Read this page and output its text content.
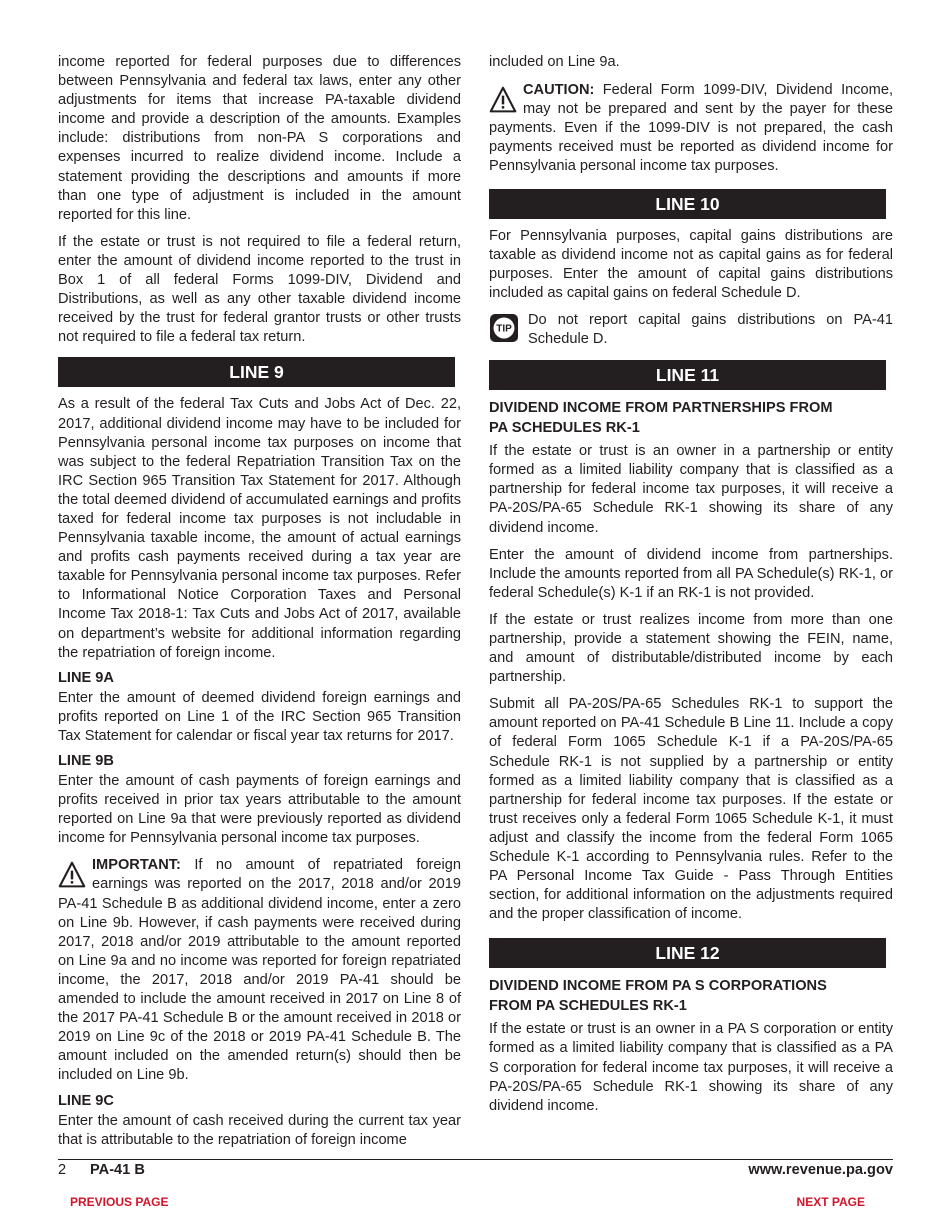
income reported for federal purposes due to differences between Pennsylvania and federal tax laws, enter any other adjustments for items that increase PA-taxable dividend income and provide a description of the amounts. Examples include: distributions from non-PA S corporations and expenses incurred to realize dividend income. Include a statement providing the descriptions and amounts if more than one type of adjustment is included in the amount reported for this line.

If the estate or trust is not required to file a federal return, enter the amount of dividend income reported to the trust in Box 1 of all federal Forms 1099-DIV, Dividend and Distributions, as well as any other taxable dividend income received by the trust for federal grantor trusts or other trusts not required to file a federal tax return.

LINE 9

As a result of the federal Tax Cuts and Jobs Act of Dec. 22, 2017, additional dividend income may have to be included for Pennsylvania personal income tax purposes on income that was subject to the federal Repatriation Transition Tax on the IRC Section 965 Transition Tax Statement for 2017. Although the total deemed dividend of accumulated earnings and profits taxed for federal income tax purposes is not includable in Pennsylvania taxable income, the amount of actual earnings and profits cash payments received during a tax year are taxable for Pennsylvania personal income tax purposes. Refer to Informational Notice Corporation Taxes and Personal Income Tax 2018-1: Tax Cuts and Jobs Act of 2017, available on department’s website for additional information regarding the repatriation of foreign income.

LINE 9A

Enter the amount of deemed dividend foreign earnings and profits reported on Line 1 of the IRC Section 965 Transition Tax Statement for calendar or fiscal year tax returns for 2017.

LINE 9B

Enter the amount of cash payments of foreign earnings and profits received in prior tax years attributable to the amount reported on Line 9a that were previously reported as dividend income for Pennsylvania personal income tax purposes.

IMPORTANT: If no amount of repatriated foreign earnings was reported on the 2017, 2018 and/or 2019 PA-41 Schedule B as additional dividend income, enter a zero on Line 9b. However, if cash payments were received during 2017, 2018 and/or 2019 attributable to the amount reported on Line 9a and no income was reported for foreign repatriated income, the 2017, 2018 and/or 2019 PA-41 should be amended to include the amount received in 2017 on Line 8 of the 2017 PA-41 Schedule B or the amount received in 2018 or 2019 on Line 9c of the 2018 or 2019 PA-41 Schedule B. The amount included on the amended return(s) should then be included on Line 9b.
LINE 9C

Enter the amount of cash received during the current tax year that is attributable to the repatriation of foreign income

included on Line 9a.

CAUTION: Federal Form 1099-DIV, Dividend Income, may not be prepared and sent by the payer for these payments. Even if the 1099-DIV is not prepared, the cash payments received must be reported as dividend income for Pennsylvania personal income tax purposes.
LINE 10

For Pennsylvania purposes, capital gains distributions are taxable as dividend income not as capital gains as for federal purposes. Enter the amount of capital gains distributions included as capital gains on federal Schedule D.

TIP

Do not report capital gains distributions on PA-41 Schedule D.

LINE 11
DIVIDEND INCOME FROM PARTNERSHIPS FROM
PA SCHEDULES RK-1

If the estate or trust is an owner in a partnership or entity formed as a limited liability company that is classified as a partnership for federal income tax purposes, it will receive a PA-20S/PA-65 Schedule RK-1 showing its share of any dividend income.

Enter the amount of dividend income from partnerships. Include the amounts reported from all PA Schedule(s) RK-1, or federal Schedule(s) K-1 if an RK-1 is not provided.

If the estate or trust realizes income from more than one partnership, provide a statement showing the FEIN, name, and amount of distributable/distributed income by each partnership.

Submit all PA-20S/PA-65 Schedules RK-1 to support the amount reported on PA-41 Schedule B Line 11. Include a copy of federal Form 1065 Schedule K-1 if a PA-20S/PA-65 Schedule RK-1 is not supplied by a partnership or entity formed as a limited liability company that is classified as a partnership for federal income tax purposes. If the estate or trust receives only a federal Form 1065 Schedule K-1, it must adjust and classify the income from the federal Form 1065 Schedule K-1 according to Pennsylvania rules. Refer to the PA Personal Income Tax Guide - Pass Through Entities section, for additional information on the adjustments required and the proper classification of income.

LINE 12
DIVIDEND INCOME FROM PA S CORPORATIONS
FROM PA SCHEDULES RK-1

If the estate or trust is an owner in a PA S corporation or entity formed as a limited liability company that is classified as a PA S corporation for federal income tax purposes, it will receive a PA-20S/PA-65 Schedule RK-1 showing its share of any dividend income.

2 PA-41 B	www.revenue.pa.gov
PREVIOUS PAGE	NEXT PAGE
